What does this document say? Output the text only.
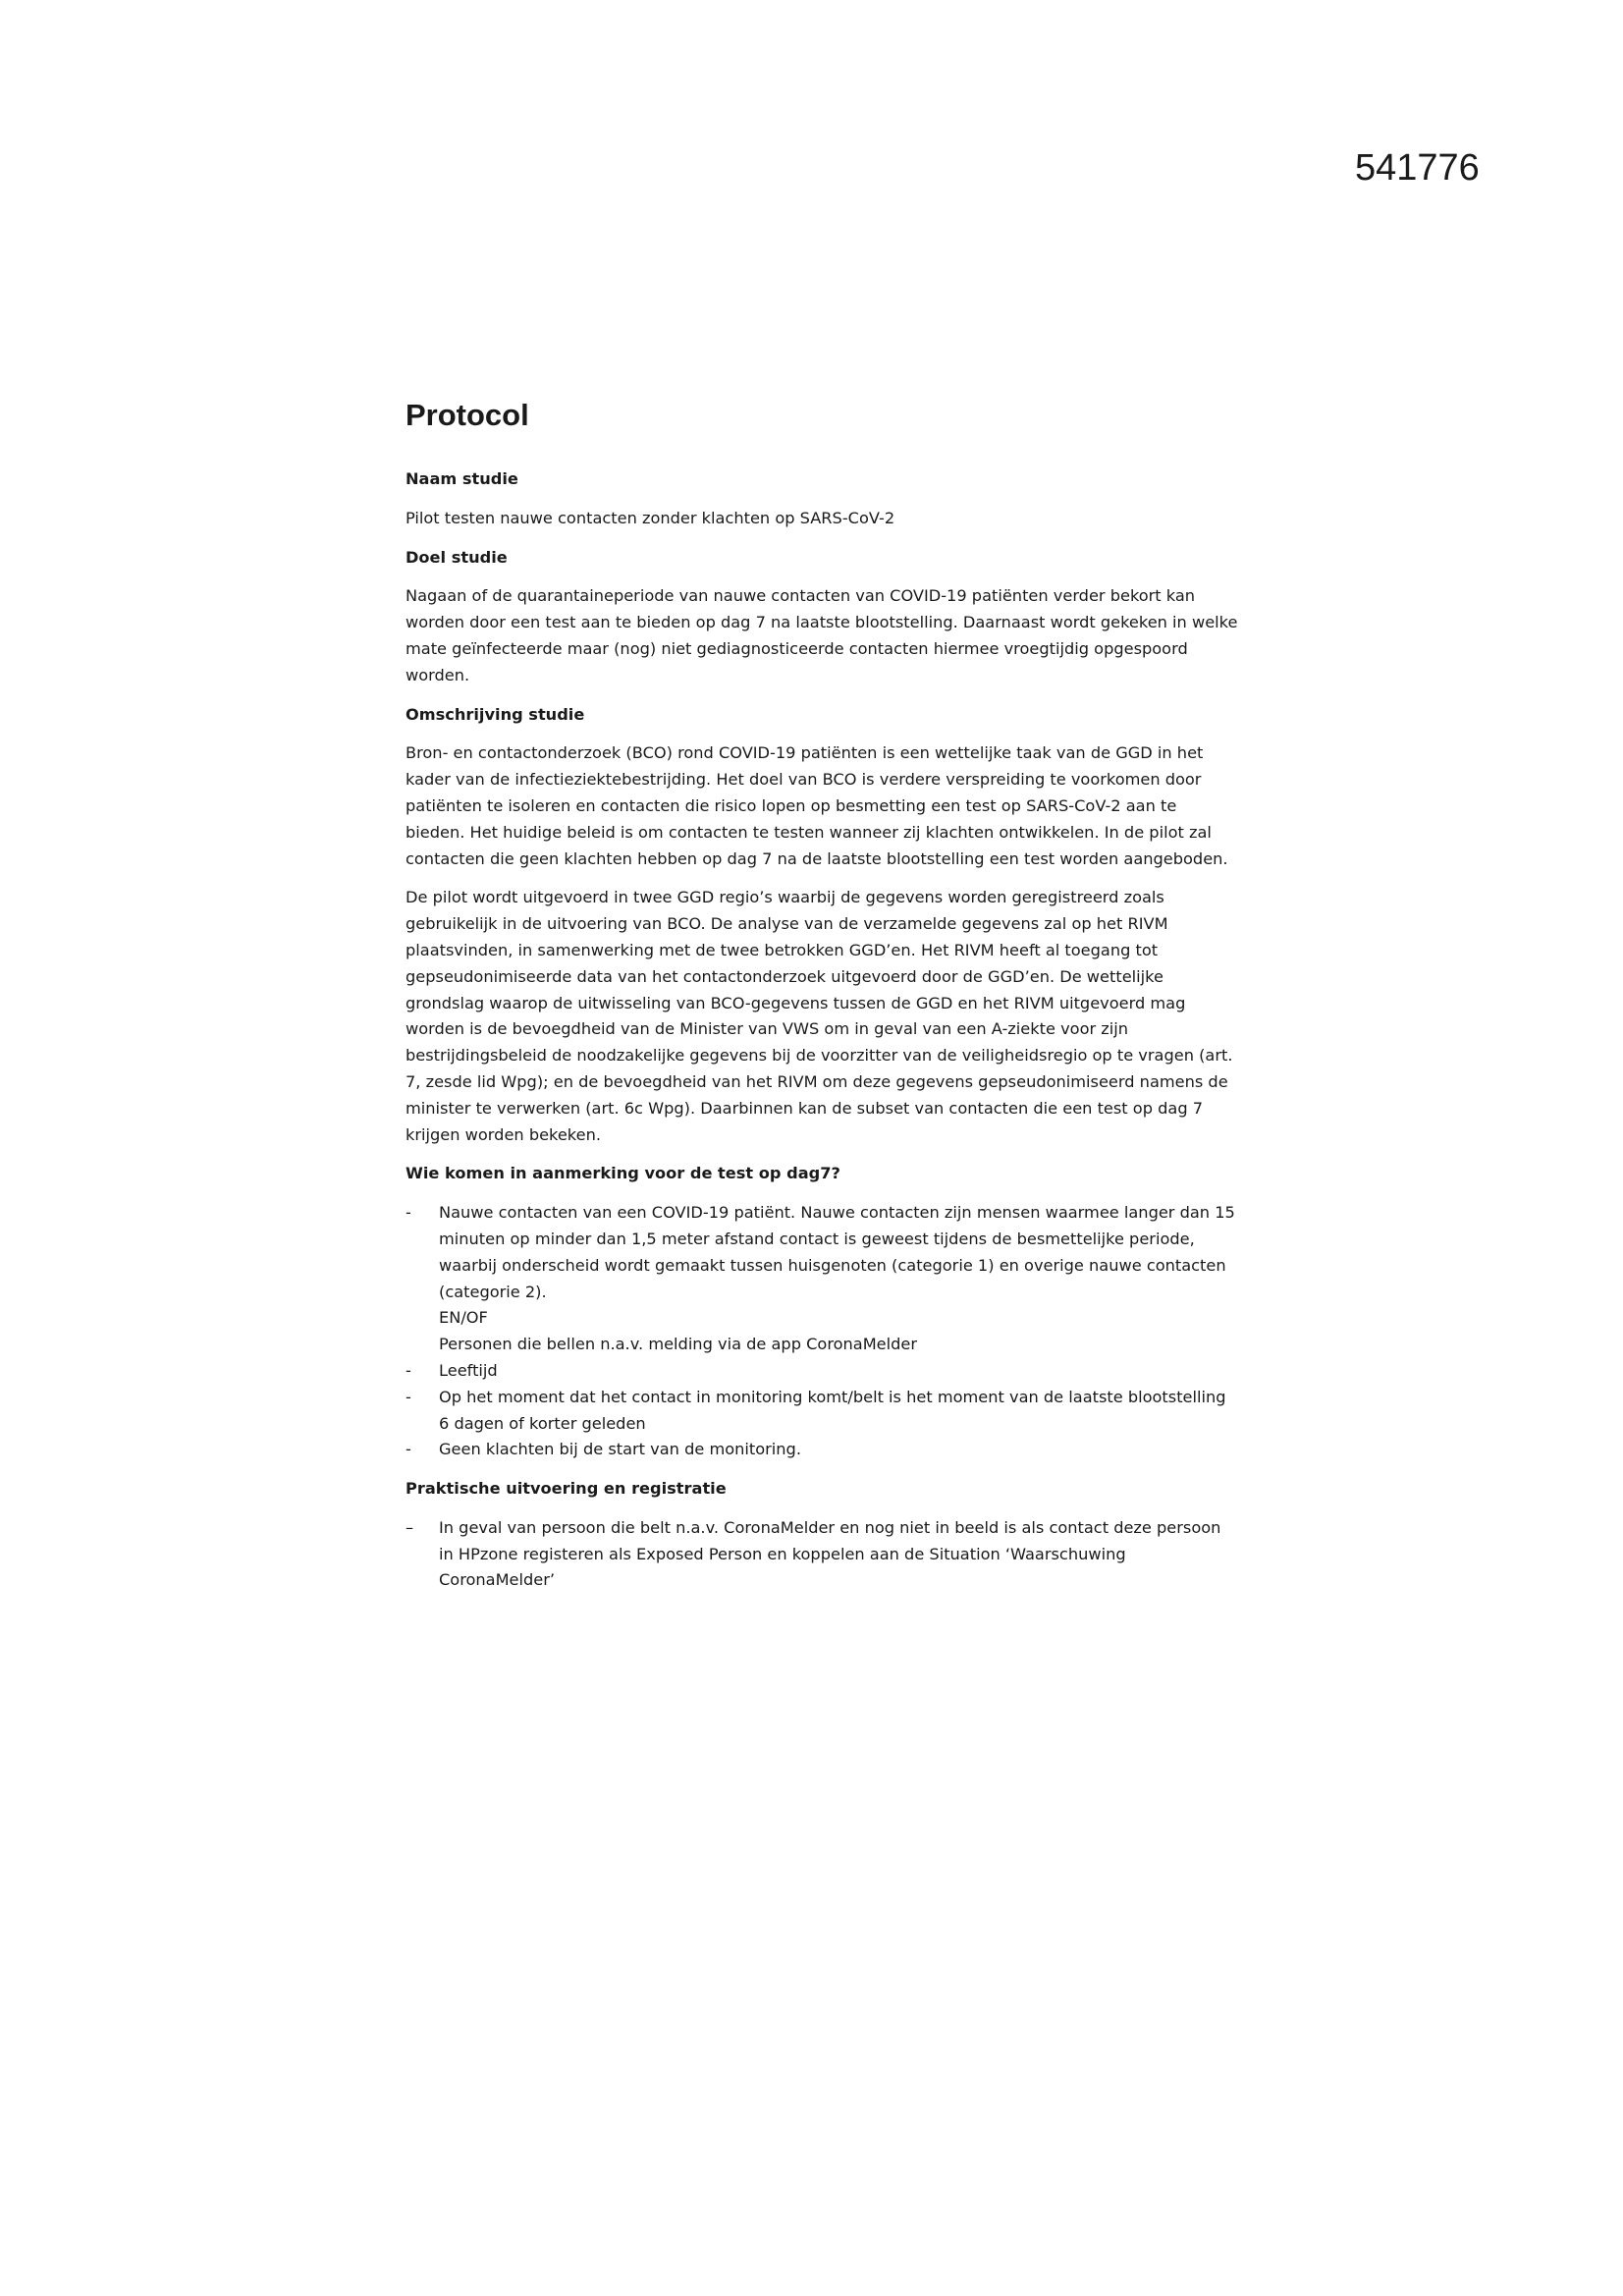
541776
Protocol
Naam studie

Pilot testen nauwe contacten zonder klachten op SARS-CoV-2

Doel studie

Nagaan of de quarantaineperiode van nauwe contacten van COVID-19 patiënten verder bekort kan worden door een test aan te bieden op dag 7 na laatste blootstelling. Daarnaast wordt gekeken in welke mate geïnfecteerde maar (nog) niet gediagnosticeerde contacten hiermee vroegtijdig opgespoord worden.

Omschrijving studie

Bron- en contactonderzoek (BCO) rond COVID-19 patiënten is een wettelijke taak van de GGD in het kader van de infectieziektebestrijding. Het doel van BCO is verdere verspreiding te voorkomen door patiënten te isoleren en contacten die risico lopen op besmetting een test op SARS-CoV-2 aan te bieden. Het huidige beleid is om contacten te testen wanneer zij klachten ontwikkelen. In de pilot zal contacten die geen klachten hebben op dag 7 na de laatste blootstelling een test worden aangeboden.

De pilot wordt uitgevoerd in twee GGD regio’s waarbij de gegevens worden geregistreerd zoals gebruikelijk in de uitvoering van BCO. De analyse van de verzamelde gegevens zal op het RIVM plaatsvinden, in samenwerking met de twee betrokken GGD’en. Het RIVM heeft al toegang tot gepseudonimiseerde data van het contactonderzoek uitgevoerd door de GGD’en. De wettelijke grondslag waarop de uitwisseling van BCO-gegevens tussen de GGD en het RIVM uitgevoerd mag worden is de bevoegdheid van de Minister van VWS om in geval van een A-ziekte voor zijn bestrijdingsbeleid de noodzakelijke gegevens bij de voorzitter van de veiligheidsregio op te vragen (art. 7, zesde lid Wpg); en de bevoegdheid van het RIVM om deze gegevens gepseudonimiseerd namens de minister te verwerken (art. 6c Wpg). Daarbinnen kan de subset van contacten die een test op dag 7 krijgen worden bekeken.

Wie komen in aanmerking voor de test op dag7?
-	Nauwe contacten van een COVID-19 patiënt. Nauwe contacten zijn mensen waarmee langer dan 15 minuten op minder dan 1,5 meter afstand contact is geweest tijdens de besmettelijke periode, waarbij onderscheid wordt gemaakt tussen huisgenoten (categorie 1) en overige nauwe contacten (categorie 2).
EN/OF
Personen die bellen n.a.v. melding via de app CoronaMelder
-	Leeftijd
-	Op het moment dat het contact in monitoring komt/belt is het moment van de laatste blootstelling 6 dagen of korter geleden
-	Geen klachten bij de start van de monitoring.
Praktische uitvoering en registratie
–	In geval van persoon die belt n.a.v. CoronaMelder en nog niet in beeld is als contact deze persoon in HPzone registeren als Exposed Person en koppelen aan de Situation ‘Waarschuwing CoronaMelder’
